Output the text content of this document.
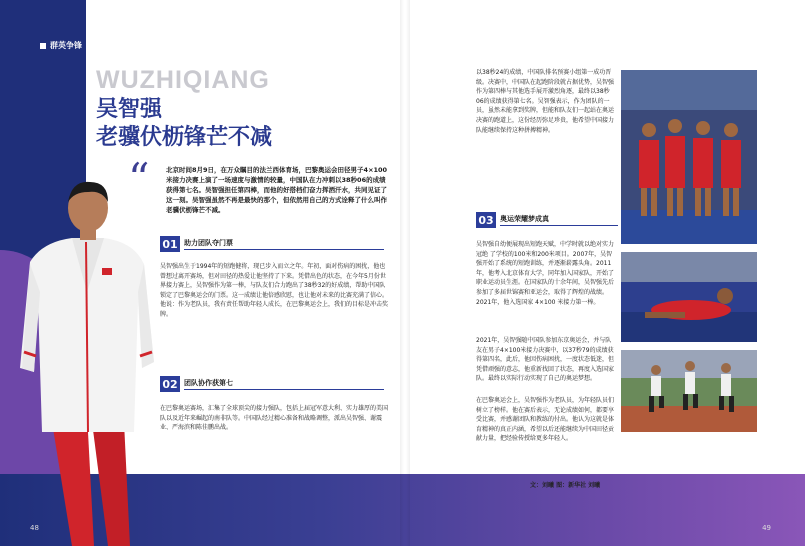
群英争锋
WUZHIQIANG
吴智强
老骥伏枥锋芒不减
“	北京时间8月9日，在万众瞩目的法兰西体育场，巴黎奥运会田径男子4×100米接力决赛上演了一场速度与激情的较量，中国队在力冲刺以38秒06的成绩获得第七名。吴智强担任第四棒，而他的好搭档们奋力挥洒汗水，共同见证了这一刻。吴智强虽然不再是最快的那个，但依然用自己的方式诠释了什么叫作老骥伏枥锋芒不减。
01 助力团队夺门票
吴智强出生于1994年的短跑健将，现已步入而立之年。年初，面对伤病的困扰，他也曾想过离开赛场，但对田径的热爱让他坚持了下来。凭借出色的状态，在今年5月份世界接力赛上，吴智强作为第一棒，与队友们合力跑出了38秒32的好成绩，帮助中国队锁定了巴黎奥运会的门票。这一成绩让他倍感欣慰，也让他对未来的比赛充满了信心。他说：作为老队员，我有责任帮助年轻人成长，在巴黎奥运会上，我们的目标是冲击奖牌。
02 团队协作获第七
在巴黎奥运赛场，汇集了全球顶尖的接力强队，包括上届冠军意大利、实力雄厚的美国队以及近年来崛起的南非队等。中国队经过精心准备和战略调整，派出吴智强、谢震业、严海滨和陈佳鹏出战。
以38秒24的成绩，中国队排名预赛小组第一成功晋级。决赛中，中国队在起跑阶段就占据优势，吴智强作为第四棒与其他选手展开激烈角逐，最终以38秒06的成绩获得第七名。吴智强表示，作为团队的一员，虽然未能拿到奖牌，但能和队友们一起站在奥运决赛的跑道上，这份经历弥足珍贵，他希望中国接力队能继续保持这种拼搏精神。
03 奥运荣耀梦成真
吴智强自幼便展现出短跑天赋，中学时就以绝对实力 冠绝 了学校的100米和200米项目。2007年，吴智强开始了系统的短跑训练，并逐渐崭露头角。2011年，他考入北京体育大学，同年加入国家队，开始了职业运动员生涯。在国家队的十余年间，吴智强先后参加了多届世锦赛和亚运会，取得了辉煌的战绩。2021年，他入选国家 4×100 米接力第一棒。
2021年，吴智强随中国队参加东京奥运会，并与队友在男子4×100米接力决赛中，以37秒79的成绩获得第四名，此后，他因伤病困扰，一度状态低迷，但凭借顽强的意志，他重新找回了状态，再度入选国家队。最终以实际行动实现了自己的奥运梦想。
在巴黎奥运会上，吴智强作为老队员，为年轻队员们树立了榜样。他在赛后表示，无论成绩如何，都要享受比赛，并感谢团队和教练的付出。他认为这就是体育精神的真正内涵，希望以后还能继续为中国田径贡献力量，把经验传授给更多年轻人。
文：刘曦 图：新华社 刘曦
48	49
